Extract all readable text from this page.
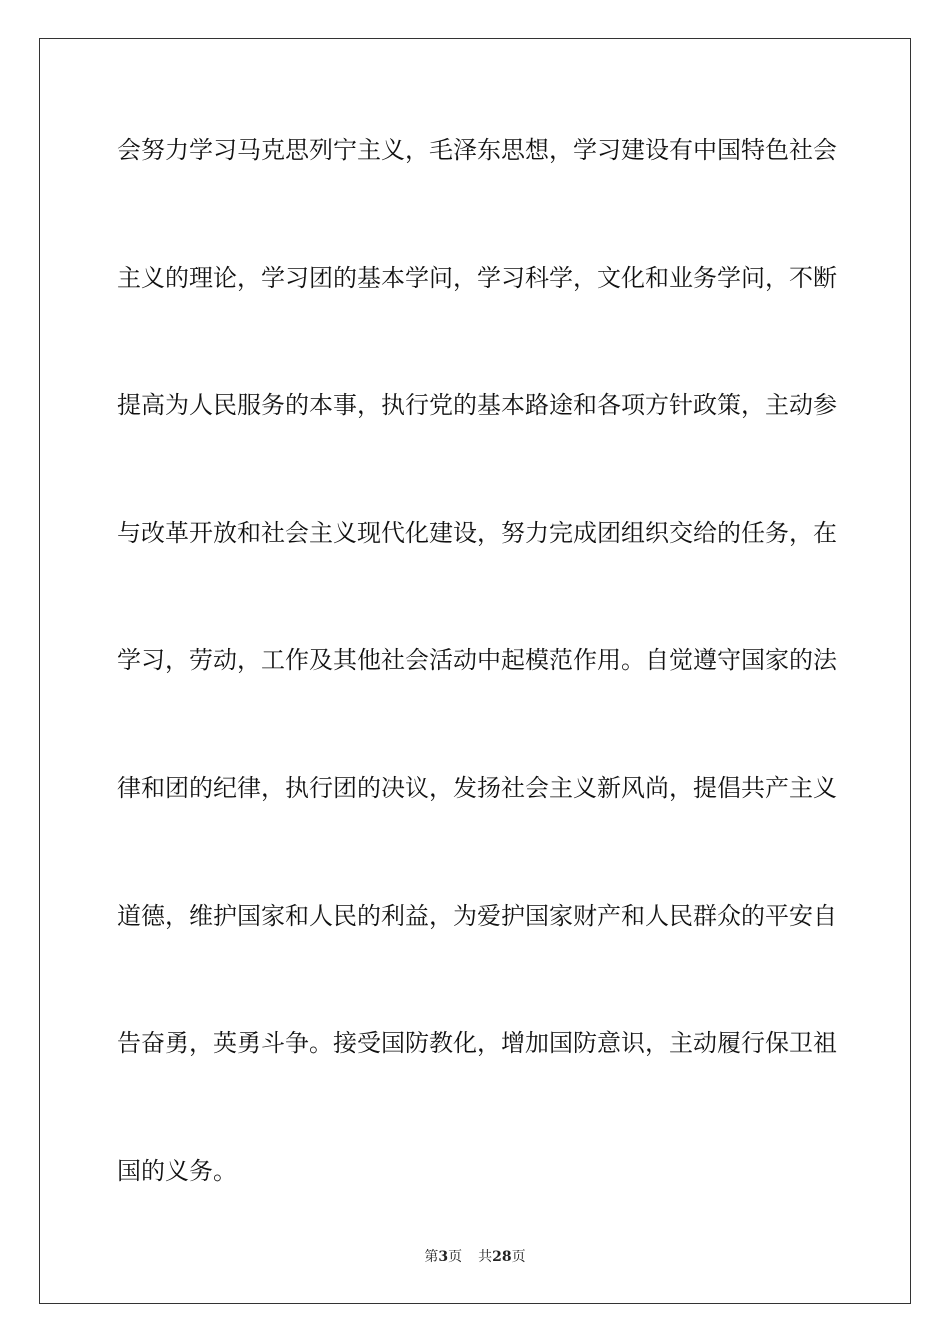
会努力学习马克思列宁主义，毛泽东思想，学习建设有中国特色社会
主义的理论，学习团的基本学问，学习科学，文化和业务学问，不断
提高为人民服务的本事，执行党的基本路途和各项方针政策，主动参
与改革开放和社会主义现代化建设，努力完成团组织交给的任务，在
学习，劳动，工作及其他社会活动中起模范作用。自觉遵守国家的法
律和团的纪律，执行团的决议，发扬社会主义新风尚，提倡共产主义
道德，维护国家和人民的利益，为爱护国家财产和人民群众的平安自
告奋勇，英勇斗争。接受国防教化，增加国防意识，主动履行保卫祖
国的义务。
第3页 共28页
